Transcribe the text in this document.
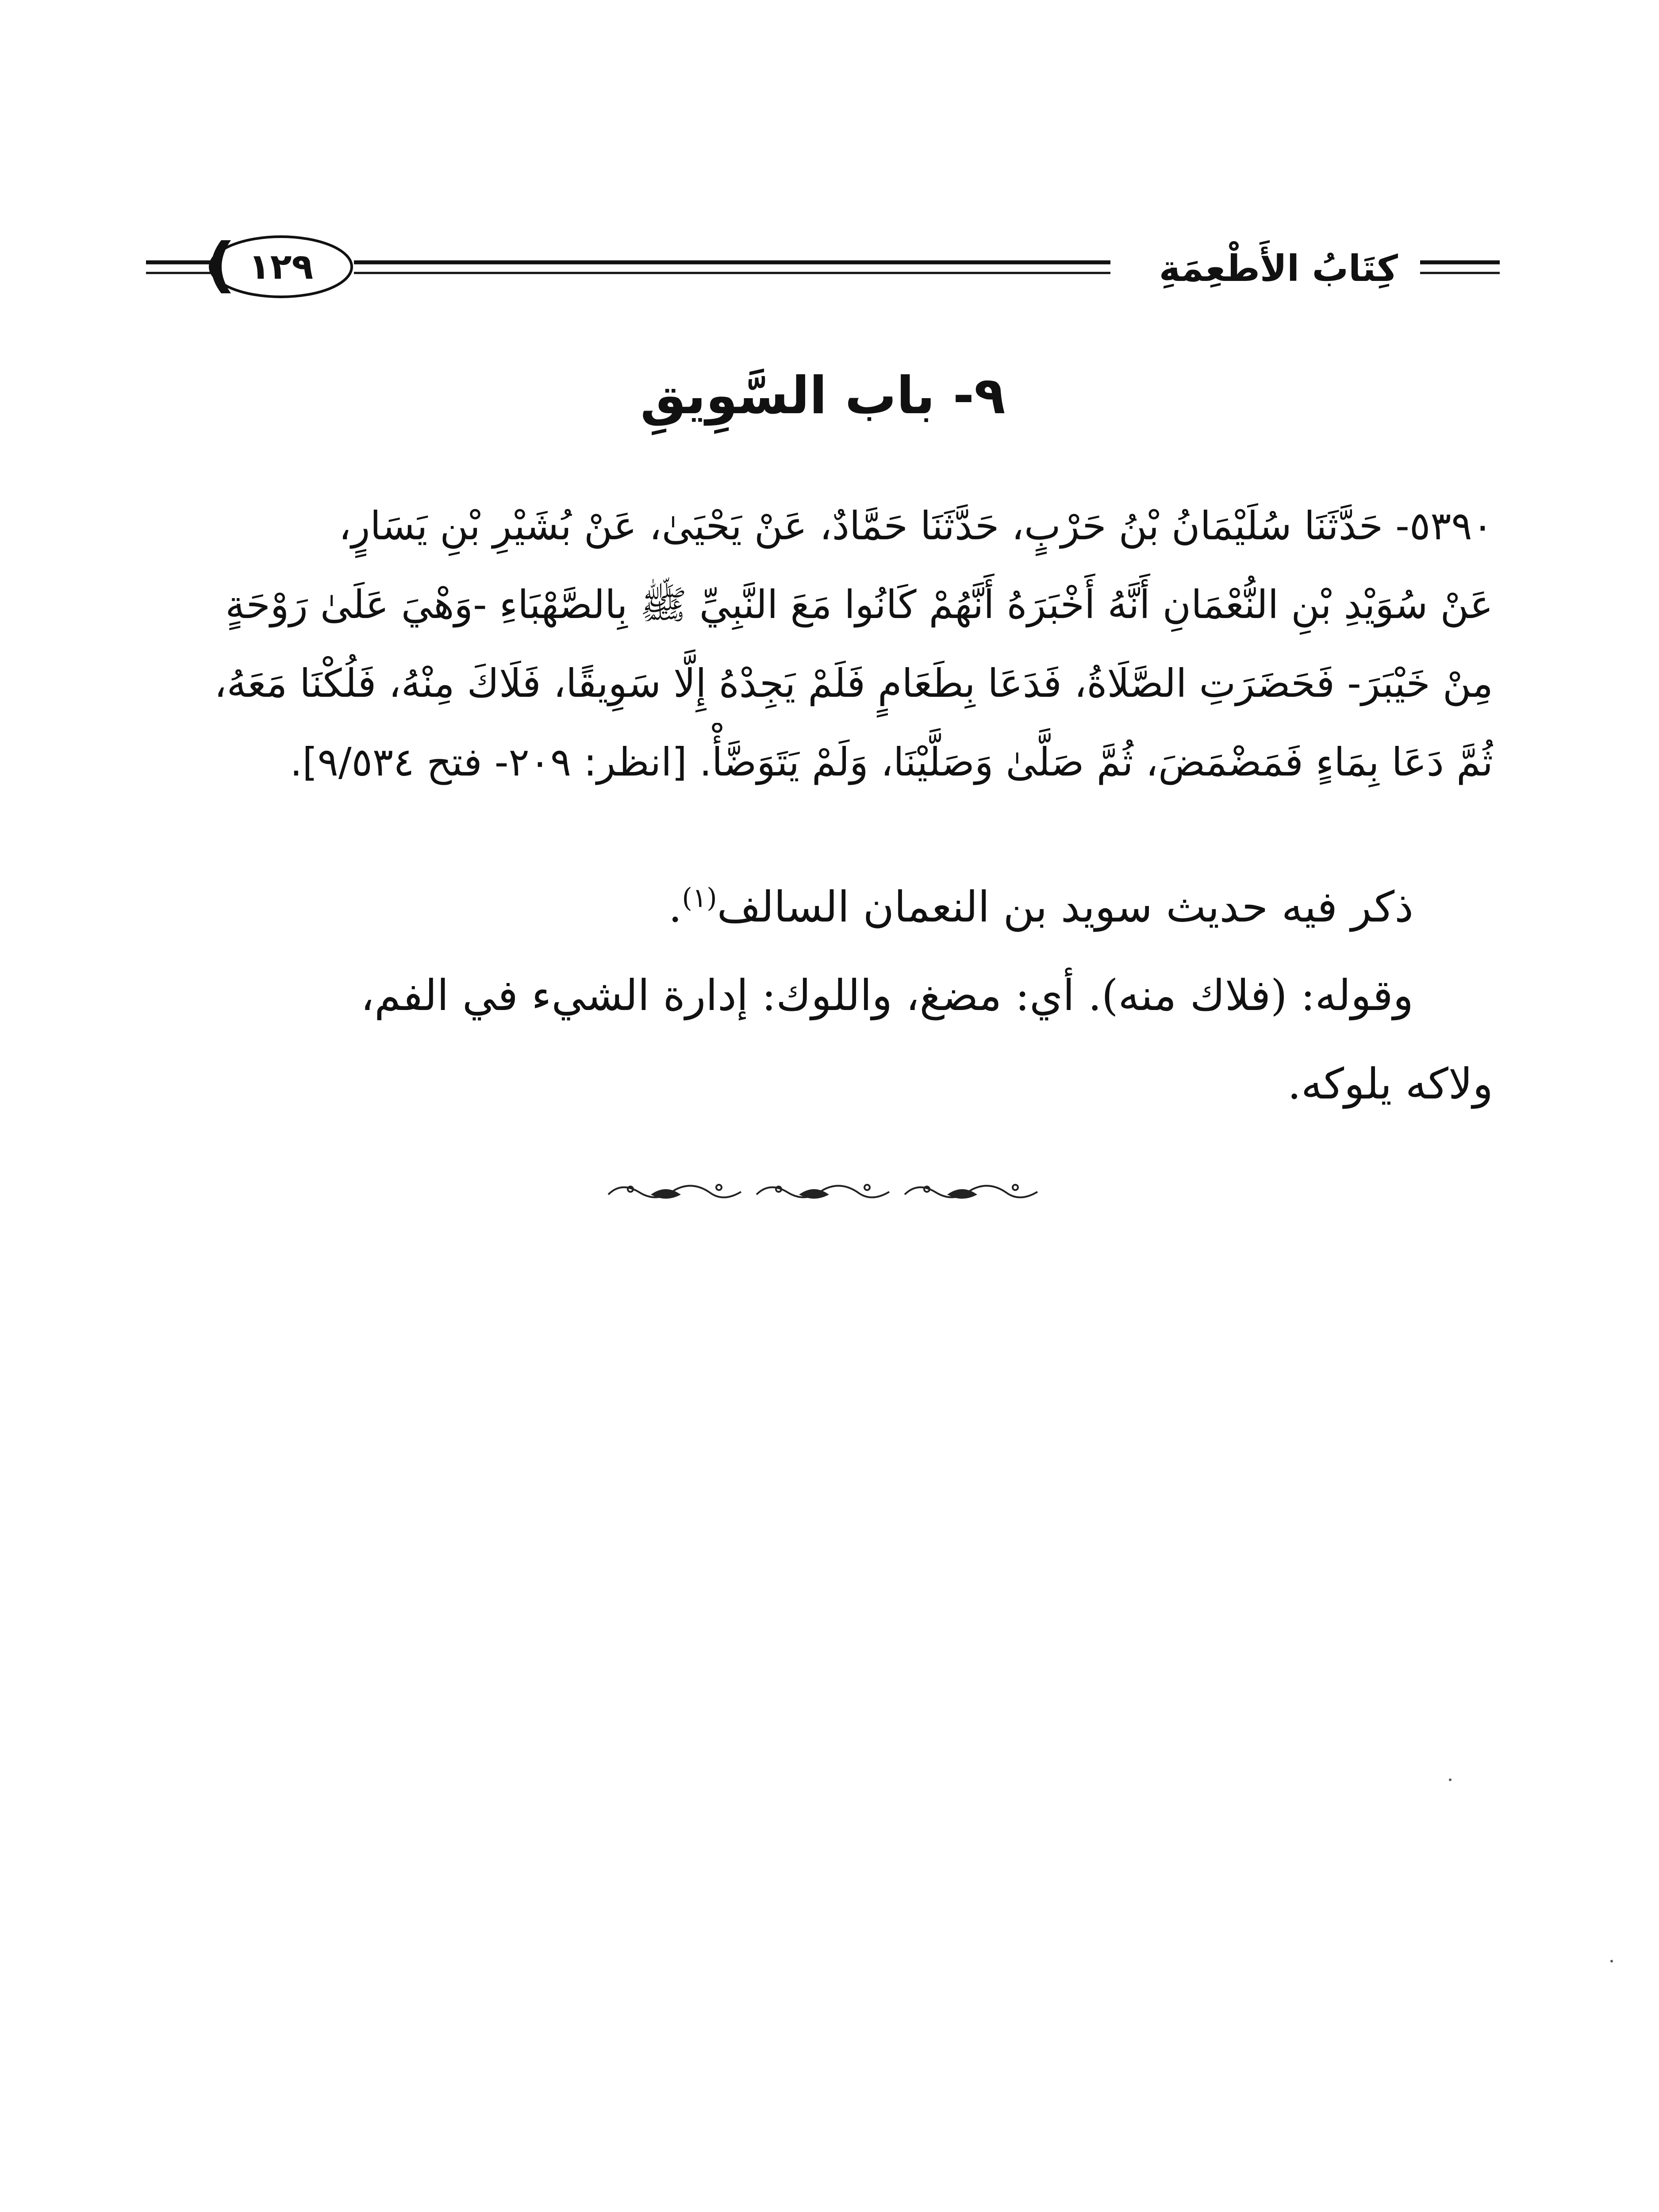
كِتَابُ الأَطْعِمَةِ
١٢٩
٩- باب السَّوِيقِ
٥٣٩٠- حَدَّثَنَا سُلَيْمَانُ بْنُ حَرْبٍ، حَدَّثَنَا حَمَّادٌ، عَنْ يَحْيَىٰ، عَنْ بُشَيْرِ بْنِ يَسَارٍ،
عَنْ سُوَيْدِ بْنِ النُّعْمَانِ أَنَّهُ أَخْبَرَهُ أَنَّهُمْ كَانُوا مَعَ النَّبِيِّ ﷺ بِالصَّهْبَاءِ -وَهْيَ عَلَىٰ رَوْحَةٍ
مِنْ خَيْبَرَ- فَحَضَرَتِ الصَّلَاةُ، فَدَعَا بِطَعَامٍ فَلَمْ يَجِدْهُ إِلَّا سَوِيقًا، فَلَاكَ مِنْهُ، فَلُكْنَا مَعَهُ،
ثُمَّ دَعَا بِمَاءٍ فَمَضْمَضَ، ثُمَّ صَلَّىٰ وَصَلَّيْنَا، وَلَمْ يَتَوَضَّأْ. [انظر: ٢٠٩- فتح ٩/٥٣٤].

ذكر فيه حديث سويد بن النعمان السالف$^{(١)}$.

وقوله: (فلاك منه). أي: مضغ، واللوك: إدارة الشيء في الفم،

ولاكه يلوكه.
